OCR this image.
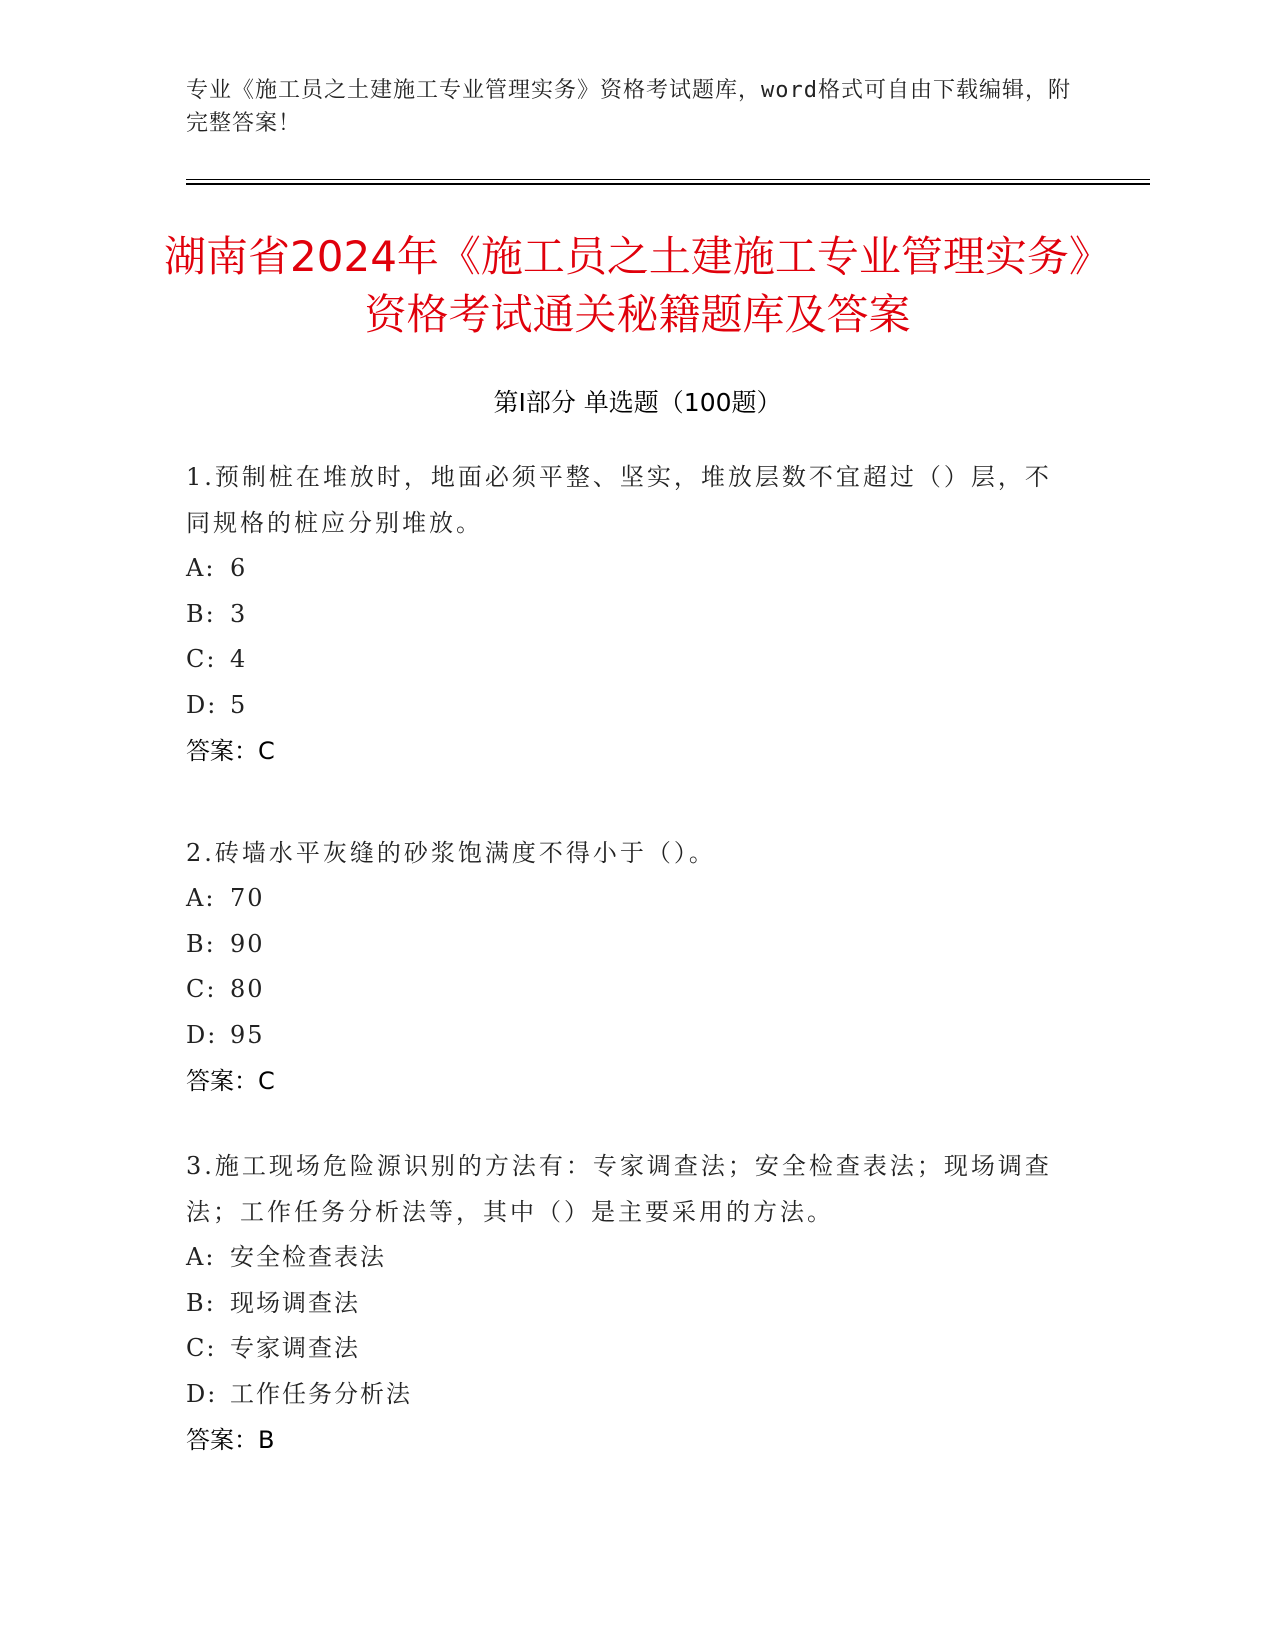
专业《施工员之土建施工专业管理实务》资格考试题库，word格式可自由下载编辑，附完整答案！
湖南省2024年《施工员之土建施工专业管理实务》资格考试通关秘籍题库及答案
第Ⅰ部分 单选题（100题）

1.预制桩在堆放时，地面必须平整、坚实，堆放层数不宜超过（）层，不同规格的桩应分别堆放。

A: 6

B: 3

C: 4

D: 5

答案：C

2.砖墙水平灰缝的砂浆饱满度不得小于（）。

A: 70

B: 90

C: 80

D: 95

答案：C

3.施工现场危险源识别的方法有：专家调查法；安全检查表法；现场调查法；工作任务分析法等，其中（）是主要采用的方法。

A: 安全检查表法

B: 现场调查法

C: 专家调查法

D: 工作任务分析法

答案：B
